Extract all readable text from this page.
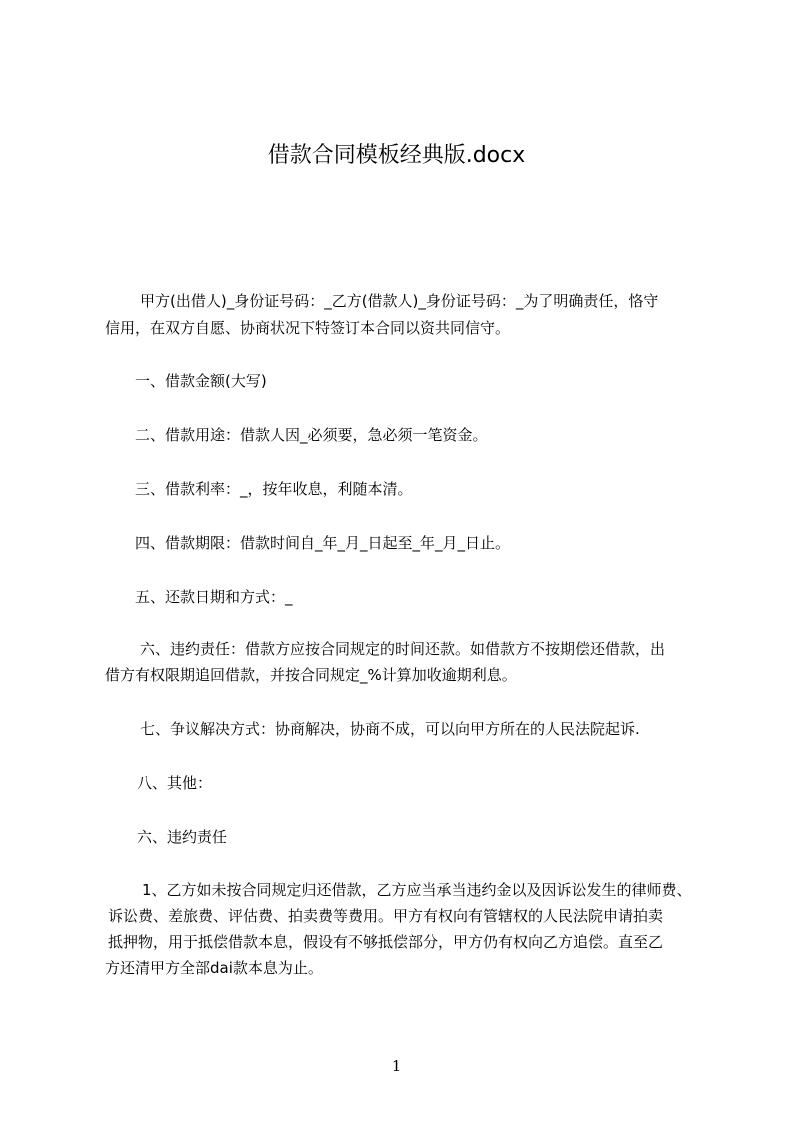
借款合同模板经典版.docx
甲方(出借人)_身份证号码：_乙方(借款人)_身份证号码：_为了明确责任，恪守
信用，在双方自愿、协商状况下特签订本合同以资共同信守。
一、借款金额(大写)
二、借款用途：借款人因_必须要，急必须一笔资金。
三、借款利率：_，按年收息，利随本清。
四、借款期限：借款时间自_年_月_日起至_年_月_日止。
五、还款日期和方式：_
六、违约责任：借款方应按合同规定的时间还款。如借款方不按期偿还借款，出
借方有权限期追回借款，并按合同规定_%计算加收逾期利息。
七、争议解决方式：协商解决，协商不成，可以向甲方所在的人民法院起诉.
八、其他：
六、违约责任
1、乙方如未按合同规定归还借款，乙方应当承当违约金以及因诉讼发生的律师费、
诉讼费、差旅费、评估费、拍卖费等费用。甲方有权向有管辖权的人民法院申请拍卖
抵押物，用于抵偿借款本息，假设有不够抵偿部分，甲方仍有权向乙方追偿。直至乙
方还清甲方全部dai款本息为止。
1
